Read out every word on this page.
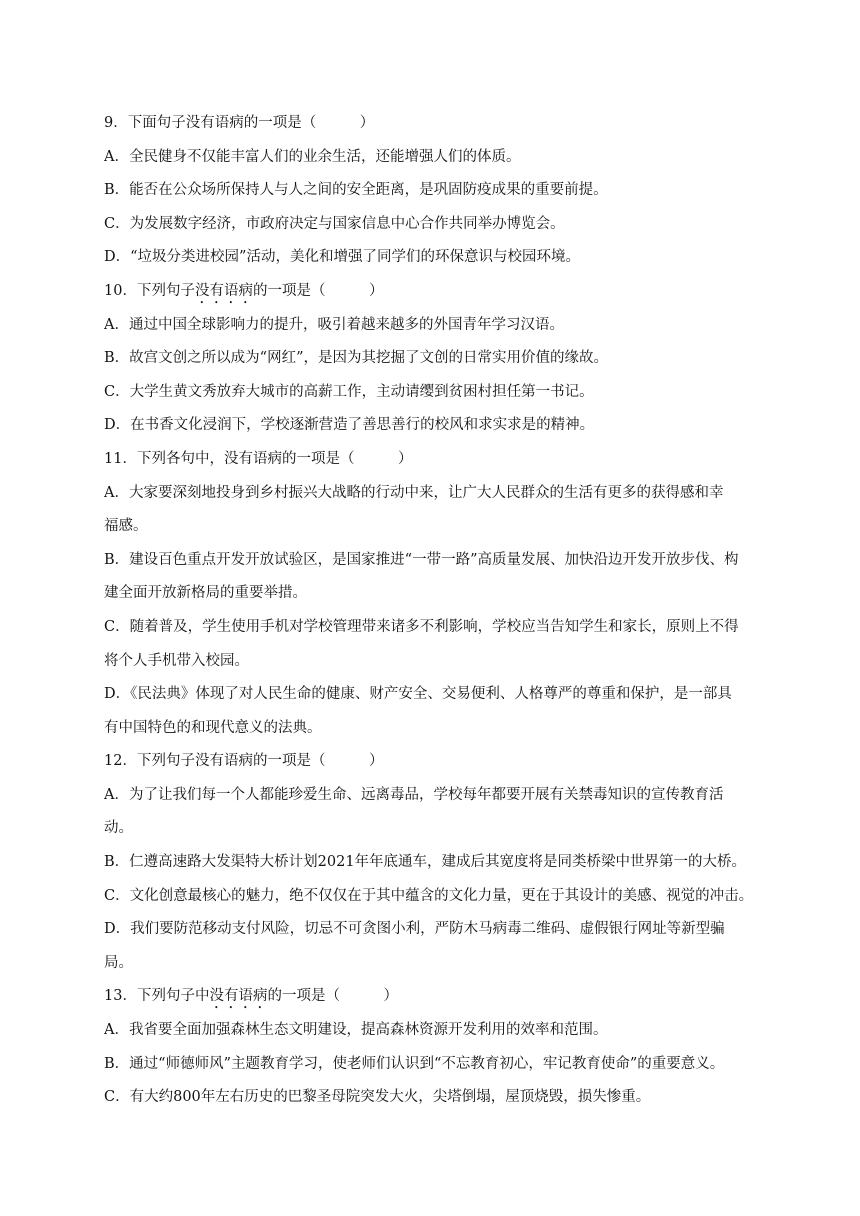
9．下面句子没有语病的一项是（　　　）
A．全民健身不仅能丰富人们的业余生活，还能增强人们的体质。
B．能否在公众场所保持人与人之间的安全距离，是巩固防疫成果的重要前提。
C．为发展数字经济，市政府决定与国家信息中心合作共同举办博览会。
D．“垃圾分类进校园”活动，美化和增强了同学们的环保意识与校园环境。
10．下列句子没有语病的一项是（　　　）
A．通过中国全球影响力的提升，吸引着越来越多的外国青年学习汉语。
B．故宫文创之所以成为“网红”，是因为其挖掘了文创的日常实用价值的缘故。
C．大学生黄文秀放弃大城市的高薪工作，主动请缨到贫困村担任第一书记。
D．在书香文化浸润下，学校逐渐营造了善思善行的校风和求实求是的精神。
11．下列各句中，没有语病的一项是（　　　）
A．大家要深刻地投身到乡村振兴大战略的行动中来，让广大人民群众的生活有更多的获得感和幸
福感。
B．建设百色重点开发开放试验区，是国家推进“一带一路”高质量发展、加快沿边开发开放步伐、构
建全面开放新格局的重要举措。
C．随着普及，学生使用手机对学校管理带来诸多不利影响，学校应当告知学生和家长，原则上不得
将个人手机带入校园。
D．《民法典》体现了对人民生命的健康、财产安全、交易便利、人格尊严的尊重和保护，是一部具
有中国特色的和现代意义的法典。
12．下列句子没有语病的一项是（　　　）
A．为了让我们每一个人都能珍爱生命、远离毒品，学校每年都要开展有关禁毒知识的宣传教育活
动。
B．仁遵高速路大发渠特大桥计划2021年年底通车，建成后其宽度将是同类桥梁中世界第一的大桥。
C．文化创意最核心的魅力，绝不仅仅在于其中蕴含的文化力量，更在于其设计的美感、视觉的冲击。
D．我们要防范移动支付风险，切忌不可贪图小利，严防木马病毒二维码、虚假银行网址等新型骗
局。
13．下列句子中没有语病的一项是（　　　）
A．我省要全面加强森林生态文明建设，提高森林资源开发利用的效率和范围。
B．通过“师德师风”主题教育学习，使老师们认识到“不忘教育初心，牢记教育使命”的重要意义。
C．有大约800年左右历史的巴黎圣母院突发大火，尖塔倒塌，屋顶烧毁，损失惨重。
